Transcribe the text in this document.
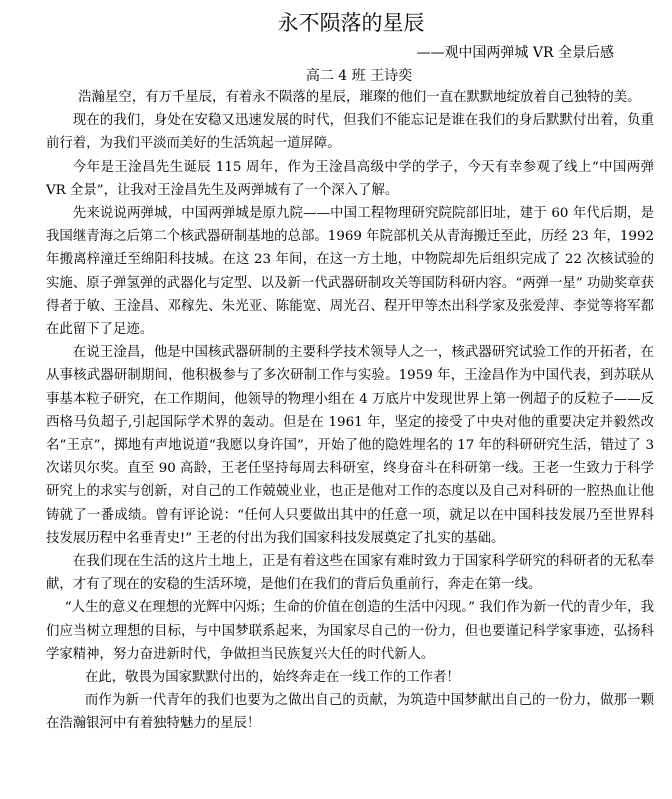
永不陨落的星辰
——观中国两弹城 VR 全景后感
高二 4 班 王诗奕

浩瀚星空，有万千星辰，有着永不陨落的星辰，璀璨的他们一直在默默地绽放着自己独特的美。

现在的我们，身处在安稳又迅速发展的时代，但我们不能忘记是谁在我们的身后默默付出着，负重前行着，为我们平淡而美好的生活筑起一道屏障。

今年是王淦昌先生诞辰 115 周年，作为王淦昌高级中学的学子，今天有幸参观了线上“中国两弹 VR 全景”，让我对王淦昌先生及两弹城有了一个深入了解。

先来说说两弹城，中国两弹城是原九院——中国工程物理研究院院部旧址，建于 60 年代后期，是我国继青海之后第二个核武器研制基地的总部。1969 年院部机关从青海搬迁至此，历经 23 年，1992 年搬离梓潼迁至绵阳科技城。在这 23 年间，在这一方土地，中物院却先后组织完成了 22 次核试验的实施、原子弹氢弹的武器化与定型、以及新一代武器研制攻关等国防科研内容。“两弹一星” 功勋奖章获得者于敏、王淦昌、邓稼先、朱光亚、陈能宽、周光召、程开甲等杰出科学家及张爱萍、李觉等将军都在此留下了足迹。

在说王淦昌，他是中国核武器研制的主要科学技术领导人之一，核武器研究试验工作的开拓者，在从事核武器研制期间，他积极参与了多次研制工作与实验。1959 年，王淦昌作为中国代表，到苏联从事基本粒子研究，在工作期间，他领导的物理小组在 4 万底片中发现世界上第一例超子的反粒子——反西格马负超子,引起国际学术界的轰动。但是在 1961 年，坚定的接受了中央对他的重要决定并毅然改名“王京”，掷地有声地说道“我愿以身许国”，开始了他的隐姓埋名的 17 年的科研研究生活，错过了 3 次诺贝尔奖。直至 90 高龄，王老任坚持每周去科研室，终身奋斗在科研第一线。王老一生致力于科学研究上的求实与创新，对自己的工作兢兢业业，也正是他对工作的态度以及自己对科研的一腔热血让他铸就了一番成绩。曾有评论说：“任何人只要做出其中的任意一项，就足以在中国科技发展乃至世界科技发展历程中名垂青史!” 王老的付出为我们国家科技发展奠定了扎实的基础。

在我们现在生活的这片土地上，正是有着这些在国家有难时致力于国家科学研究的科研者的无私奉献，才有了现在的安稳的生活环境，是他们在我们的背后负重前行，奔走在第一线。

“人生的意义在理想的光辉中闪烁；生命的价值在创造的生活中闪现。” 我们作为新一代的青少年，我们应当树立理想的目标，与中国梦联系起来，为国家尽自己的一份力，但也要谨记科学家事迹，弘扬科学家精神，努力奋进新时代，争做担当民族复兴大任的时代新人。

在此，敬畏为国家默默付出的，始终奔走在一线工作的工作者！

而作为新一代青年的我们也要为之做出自己的贡献，为筑造中国梦献出自己的一份力，做那一颗在浩瀚银河中有着独特魅力的星辰！
